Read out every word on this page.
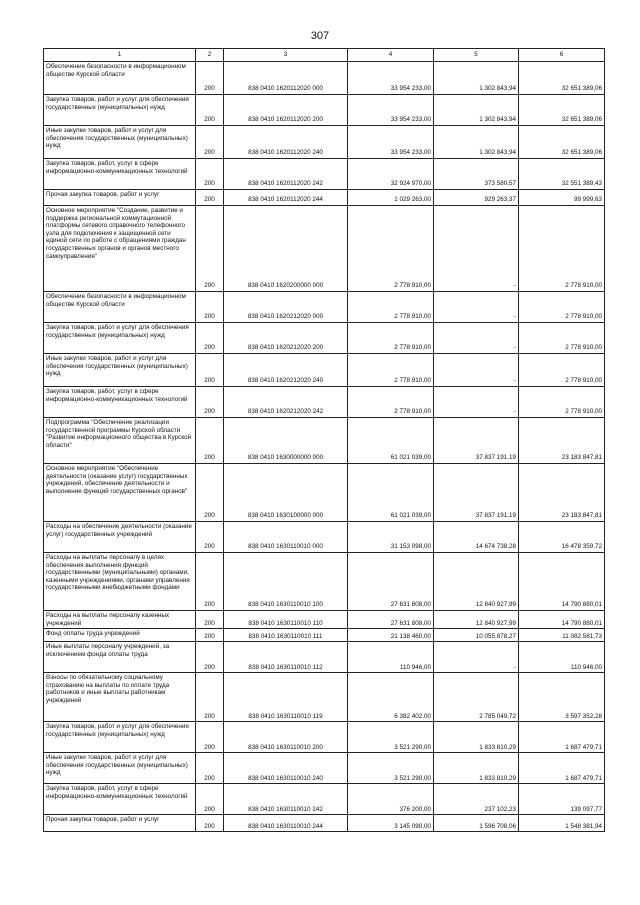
307
1	2	3	4	5	6
Обеспечение безопасности в информационном обществе Курской области	200	838 0410 1620112020 000	33 954 233,00	1 302 843,94	32 651 389,06
Закупка товаров, работ и услуг для обеспечения государственных (муниципальных) нужд	200	838 0410 1620112020 200	33 954 233,00	1 302 843,94	32 651 389,06
Иные закупки товаров, работ и услуг для обеспечения государственных (муниципальных) нужд	200	838 0410 1620112020 240	33 954 233,00	1 302 843,94	32 651 389,06
Закупка товаров, работ, услуг в сфере информационно-коммуникационных технологий	200	838 0410 1620112020 242	32 924 970,00	373 580,57	32 551 389,43
Прочая закупка товаров, работ и услуг	200	838 0410 1620112020 244	1 029 263,00	929 263,37	99 999,63
Основное мероприятие "Создание, развитие и поддержка региональной коммутационной платформы сетевого справочного телефонного узла для подключения к защищенной сети единой сети по работе с обращениями граждан государственных органов и органов местного самоуправления"	200	838 0410 1620200000 000	2 778 910,00	-	2 778 910,00
Обеспечение безопасности в информационном обществе Курской области	200	838 0410 1620212020 000	2 778 910,00	-	2 778 910,00
Закупка товаров, работ и услуг для обеспечения государственных (муниципальных) нужд	200	838 0410 1620212020 200	2 778 910,00	-	2 778 910,00
Иные закупки товаров, работ и услуг для обеспечения государственных (муниципальных) нужд	200	838 0410 1620212020 240	2 778 910,00	-	2 778 910,00
Закупка товаров, работ, услуг в сфере информационно-коммуникационных технологий	200	838 0410 1620212020 242	2 778 910,00	-	2 778 910,00
Подпрограмма "Обеспечение реализации государственной программы Курской области "Развитие информационного общества в Курской области"	200	838 0410 1630000000 000	61 021 039,00	37 837 191,19	23 183 847,81
Основное мероприятие "Обеспечение деятельности (оказание услуг) государственных учреждений, обеспечение деятельности и выполнение функций государственных органов"	200	838 0410 1630100000 000	61 021 039,00	37 837 191,19	23 183 847,81
Расходы на обеспечение деятельности (оказание услуг) государственных учреждений	200	838 0410 1630110010 000	31 153 098,00	14 674 738,28	16 478 359,72
Расходы на выплаты персоналу в целях обеспечения выполнения функций государственными (муниципальными) органами, казенными учреждениями, органами управления государственными внебюджетными фондами	200	838 0410 1630110010 100	27 631 808,00	12 840 927,99	14 790 880,01
Расходы на выплаты персоналу казенных учреждений	200	838 0410 1630110010 110	27 631 808,00	12 840 927,99	14 790 880,01
Фонд оплаты труда учреждений	200	838 0410 1630110010 111	21 138 460,00	10 055 878,27	11 082 581,73
Иные выплаты персоналу учреждений, за исключением фонда оплаты труда	200	838 0410 1630110010 112	110 946,00	-	110 946,00
Взносы по обязательному социальному страхованию на выплаты по оплате труда работников и иные выплаты работникам учреждений	200	838 0410 1630110010 119	6 382 402,00	2 785 049,72	3 597 352,28
Закупка товаров, работ и услуг для обеспечения государственных (муниципальных) нужд	200	838 0410 1630110010 200	3 521 290,00	1 833 810,29	1 687 479,71
Иные закупки товаров, работ и услуг для обеспечения государственных (муниципальных) нужд	200	838 0410 1630110010 240	3 521 290,00	1 833 810,29	1 687 479,71
Закупка товаров, работ, услуг в сфере информационно-коммуникационных технологий	200	838 0410 1630110010 242	376 200,00	237 102,23	139 097,77
Прочая закупка товаров, работ и услуг	200	838 0410 1630110010 244	3 145 090,00	1 596 708,06	1 548 381,94
